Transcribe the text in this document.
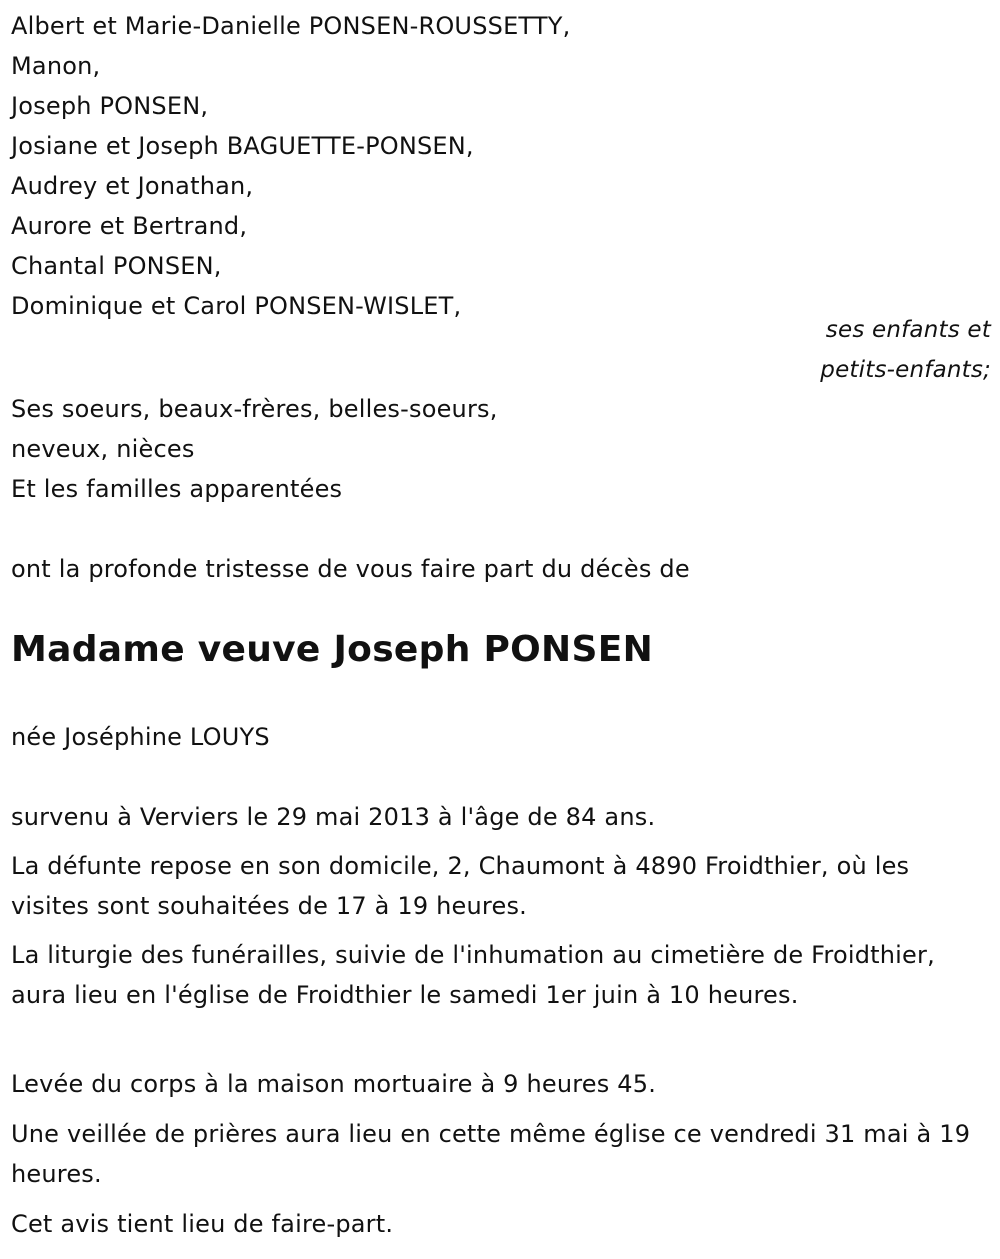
Albert et Marie-Danielle PONSEN-ROUSSETTY,
Manon,
Joseph PONSEN,
Josiane et Joseph BAGUETTE-PONSEN,
Audrey et Jonathan,
Aurore et Bertrand,
Chantal PONSEN,
Dominique et Carol PONSEN-WISLET,
ses enfants et
petits-enfants;
Ses soeurs, beaux-frères, belles-soeurs,
neveux, nièces
Et les familles apparentées
ont la profonde tristesse de vous faire part du décès de
Madame veuve Joseph PONSEN
née Joséphine LOUYS
survenu à Verviers le 29 mai 2013 à l'âge de 84 ans.
La défunte repose en son domicile, 2, Chaumont à 4890 Froidthier, où les visites sont souhaitées de 17 à 19 heures.
La liturgie des funérailles, suivie de l'inhumation au cimetière de Froidthier, aura lieu en l'église de Froidthier le samedi 1er juin à 10 heures.
Levée du corps à la maison mortuaire à 9 heures 45.
Une veillée de prières aura lieu en cette même église ce vendredi 31 mai à 19 heures.
Cet avis tient lieu de faire-part.
